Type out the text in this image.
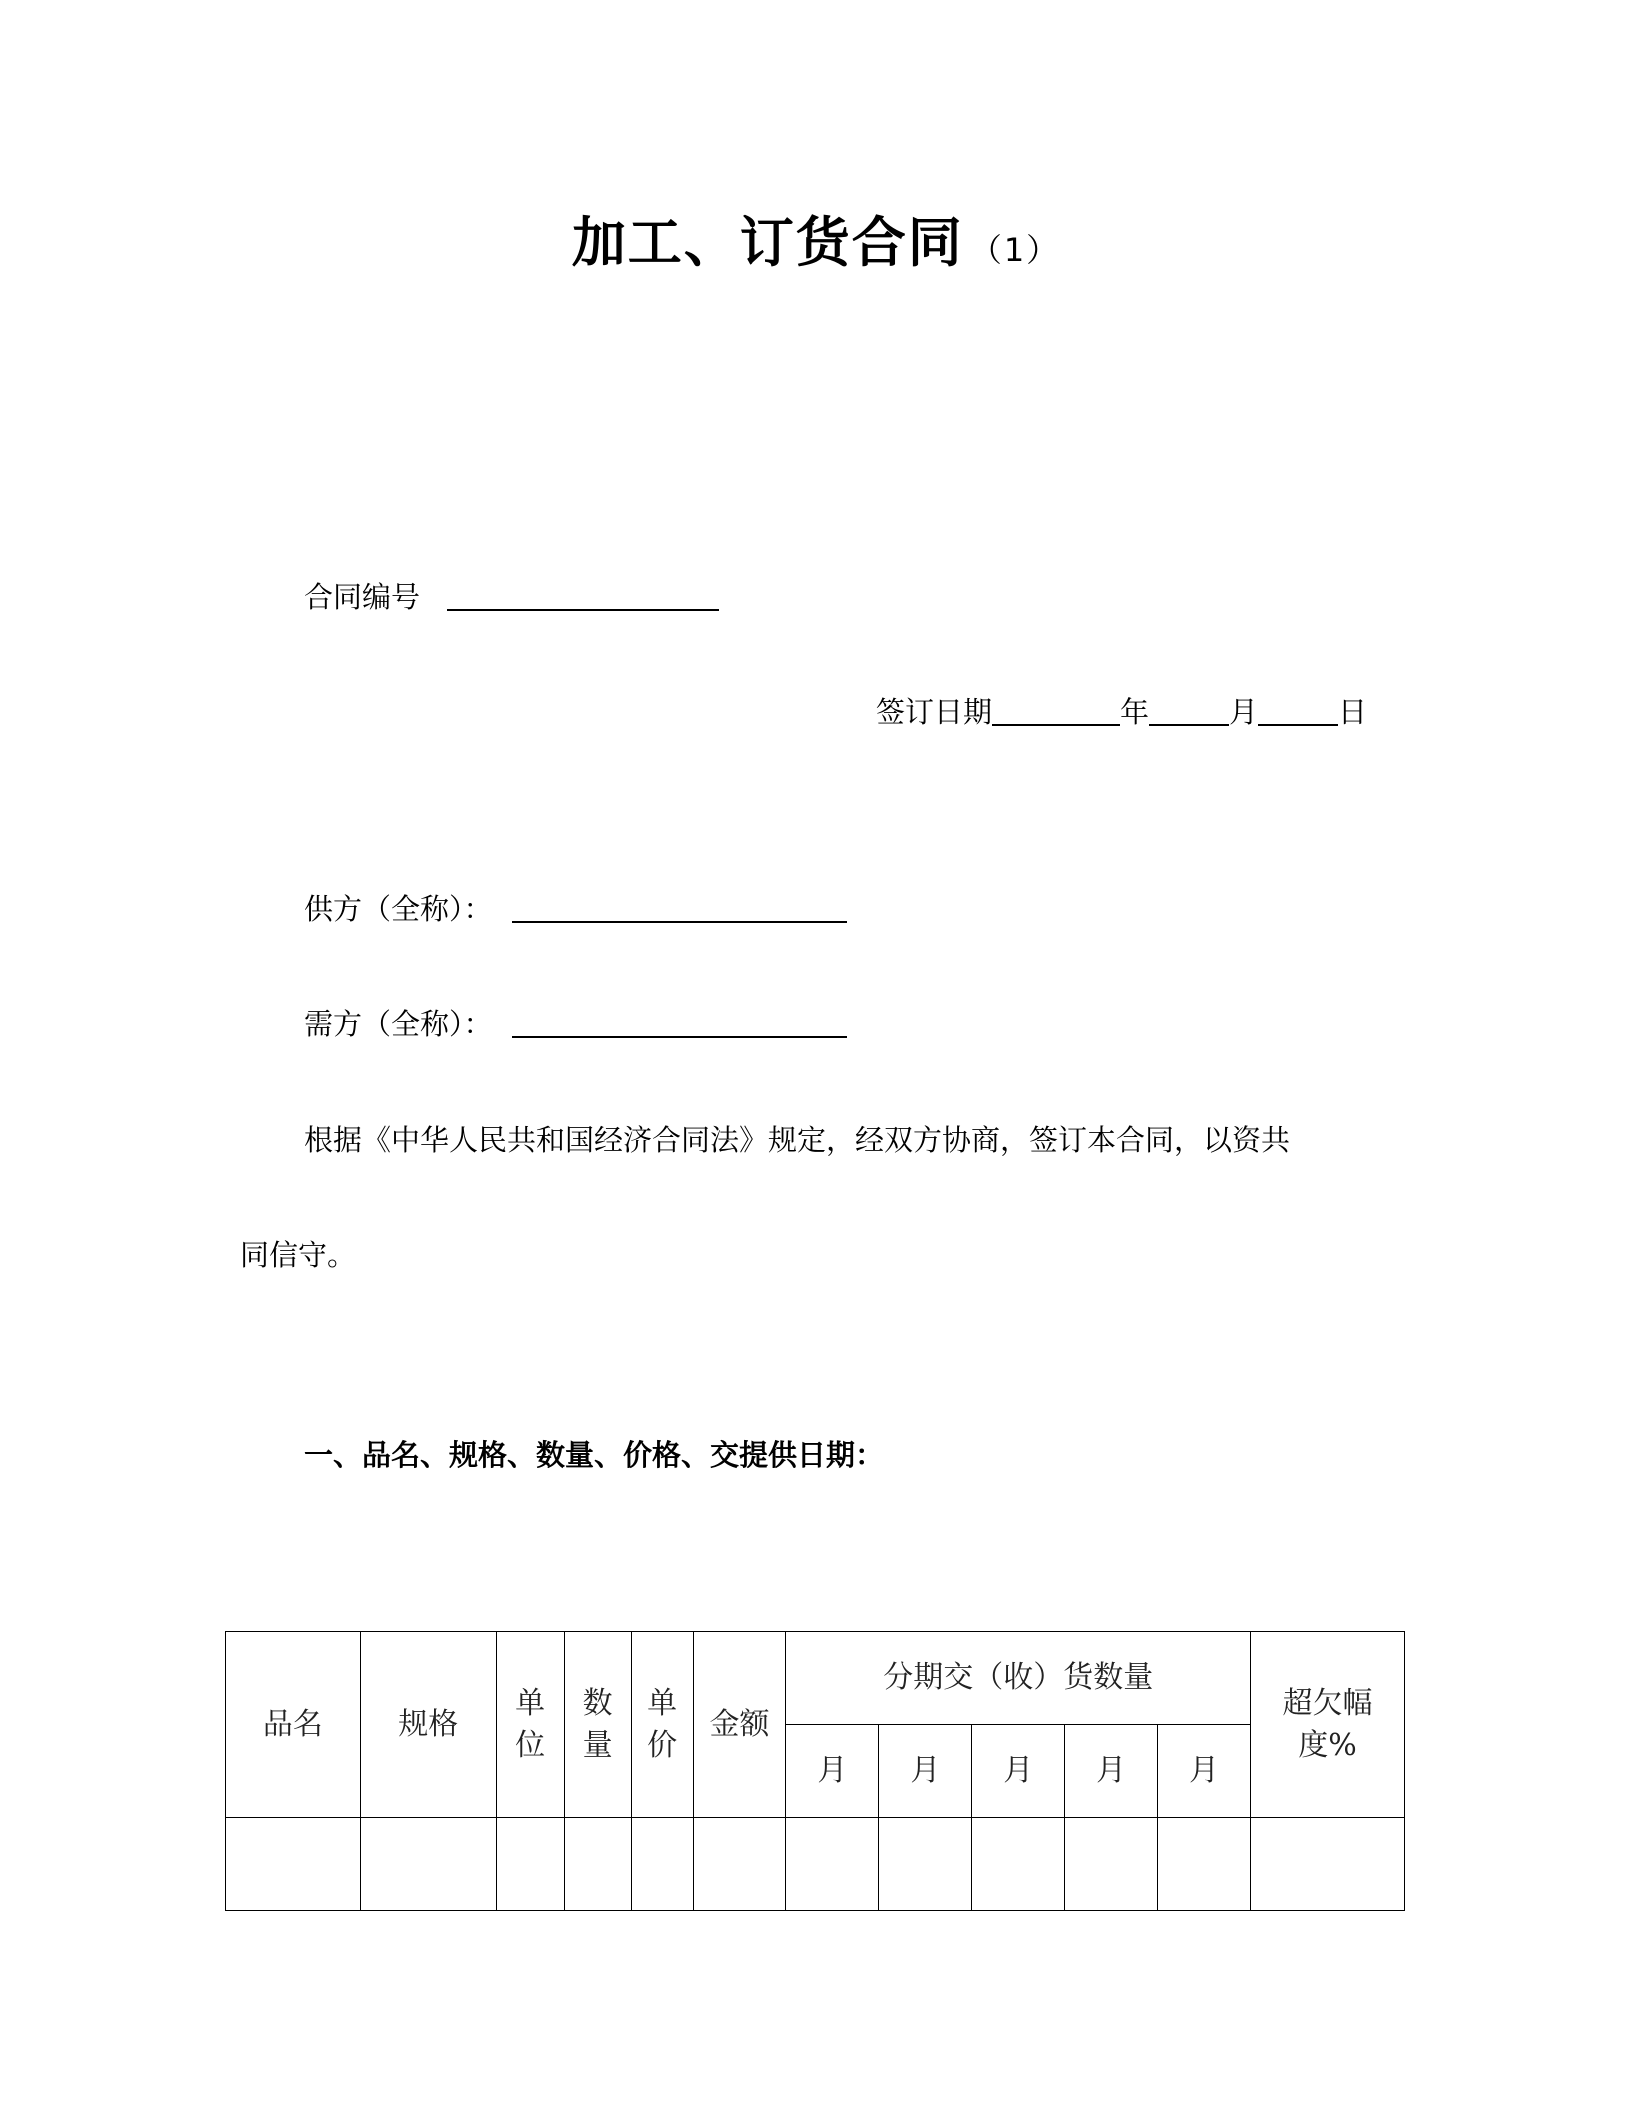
加工、订货合同 （1）
合同编号
签订日期	年	月	日
供方（全称）：
需方（全称）：
根据《中华人民共和国经济合同法》规定，经双方协商，签订本合同，以资共
同信守。
一、品名、规格、数量、价格、交提供日期：
品名	规格	单位	数量	单价	金额	分期交（收）货数量					超欠幅度%
						月	月	月	月	月	
